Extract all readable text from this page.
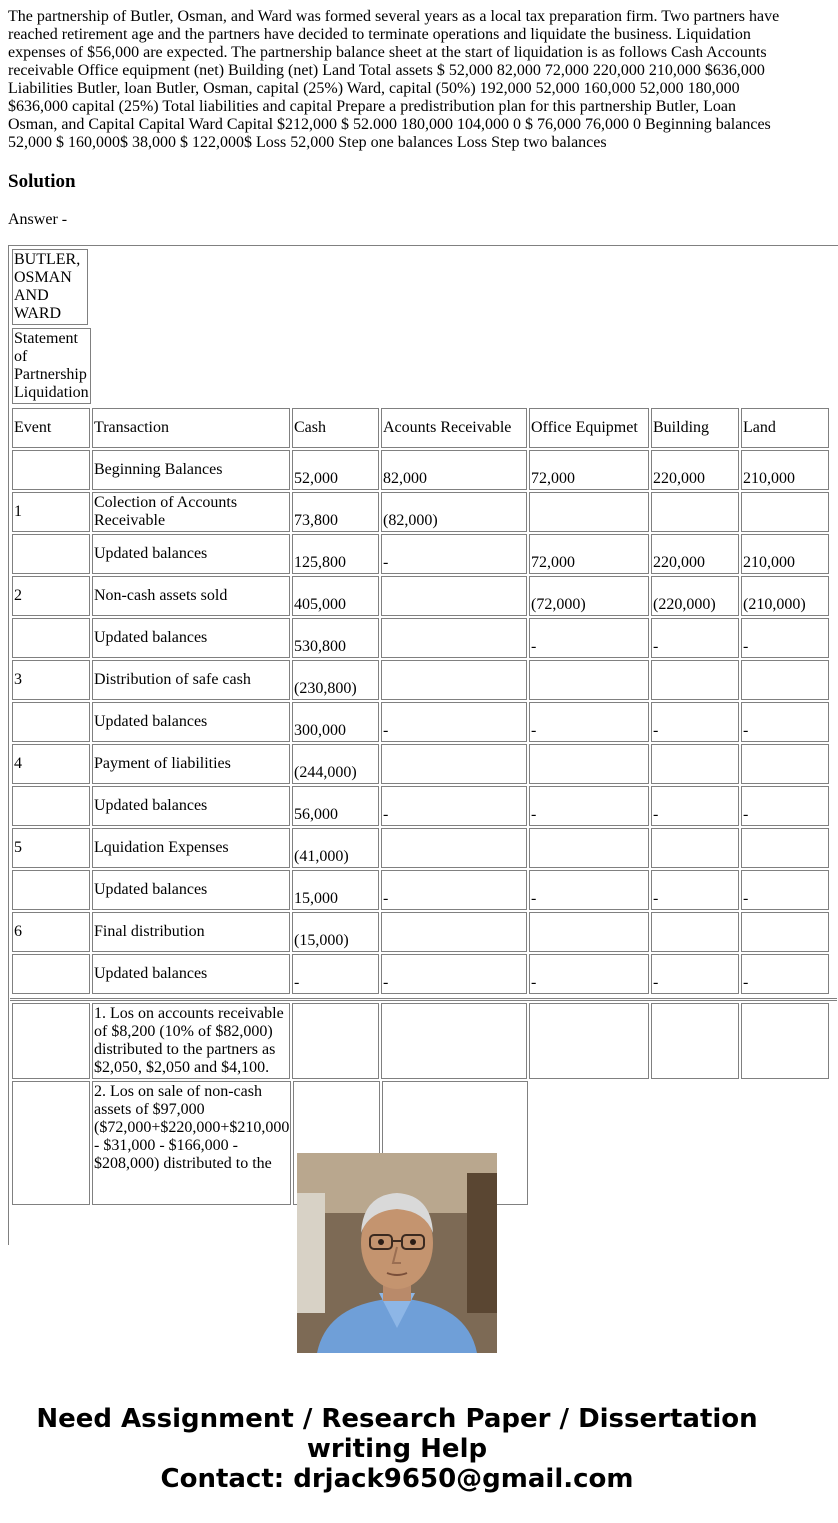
The partnership of Butler, Osman, and Ward was formed several years as a local tax preparation firm. Two partners have reached retirement age and the partners have decided to terminate operations and liquidate the business. Liquidation expenses of $56,000 are expected. The partnership balance sheet at the start of liquidation is as follows Cash Accounts receivable Office equipment (net) Building (net) Land Total assets $ 52,000 82,000 72,000 220,000 210,000 $636,000 Liabilities Butler, loan Butler, Osman, capital (25%) Ward, capital (50%) 192,000 52,000 160,000 52,000 180,000 $636,000 capital (25%) Total liabilities and capital Prepare a predistribution plan for this partnership Butler, Loan Osman, and Capital Capital Ward Capital $212,000 $ 52.000 180,000 104,000 0 $ 76,000 76,000 0 Beginning balances 52,000 $ 160,000$ 38,000 $ 122,000$ Loss 52,000 Step one balances Loss Step two balances

Solution

Answer -

BUTLER, OSMAN AND WARD
Statement of Partnership Liquidation
Event	Transaction	Cash	Acounts Receivable	Office Equipmet	Building	Land
	Beginning Balances	52,000	82,000	72,000	220,000	210,000
1	Colection of Accounts Receivable	73,800	(82,000)			
	Updated balances	125,800	-	72,000	220,000	210,000
2	Non-cash assets sold	405,000		(72,000)	(220,000)	(210,000)
	Updated balances	530,800		-	-	-
3	Distribution of safe cash	(230,800)				
	Updated balances	300,000	-	-	-	-
4	Payment of liabilities	(244,000)				
	Updated balances	56,000	-	-	-	-
5	Lquidation Expenses	(41,000)				
	Updated balances	15,000	-	-	-	-
6	Final distribution	(15,000)				
	Updated balances	-	-	-	-	-
	1. Los on accounts receivable of $8,200 (10% of $82,000) distributed to the partners as $2,050, $2,050 and $4,100.					
	2. Los on sale of non-cash assets of $97,000 ($72,000+$220,000+$210,000 - $31,000 - $166,000 - $208,000) distributed to the		
Need Assignment / Research Paper / Dissertation
writing Help
Contact: drjack9650@gmail.com
